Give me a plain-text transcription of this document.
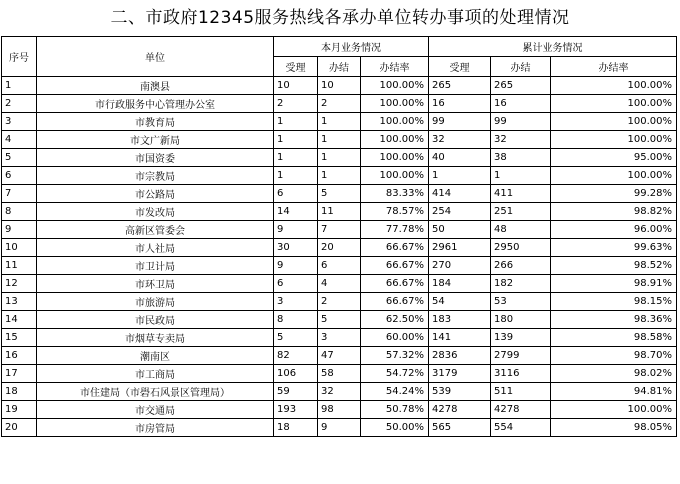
二、市政府12345服务热线各承办单位转办事项的处理情况
序号	单位	本月业务情况			累计业务情况		
		受理	办结	办结率	受理	办结	办结率
1	南澳县	10	10	100.00%	265	265	100.00%
2	市行政服务中心管理办公室	2	2	100.00%	16	16	100.00%
3	市教育局	1	1	100.00%	99	99	100.00%
4	市文广新局	1	1	100.00%	32	32	100.00%
5	市国资委	1	1	100.00%	40	38	95.00%
6	市宗教局	1	1	100.00%	1	1	100.00%
7	市公路局	6	5	83.33%	414	411	99.28%
8	市发改局	14	11	78.57%	254	251	98.82%
9	高新区管委会	9	7	77.78%	50	48	96.00%
10	市人社局	30	20	66.67%	2961	2950	99.63%
11	市卫计局	9	6	66.67%	270	266	98.52%
12	市环卫局	6	4	66.67%	184	182	98.91%
13	市旅游局	3	2	66.67%	54	53	98.15%
14	市民政局	8	5	62.50%	183	180	98.36%
15	市烟草专卖局	5	3	60.00%	141	139	98.58%
16	潮南区	82	47	57.32%	2836	2799	98.70%
17	市工商局	106	58	54.72%	3179	3116	98.02%
18	市住建局（市礐石风景区管理局）	59	32	54.24%	539	511	94.81%
19	市交通局	193	98	50.78%	4278	4278	100.00%
20	市房管局	18	9	50.00%	565	554	98.05%
